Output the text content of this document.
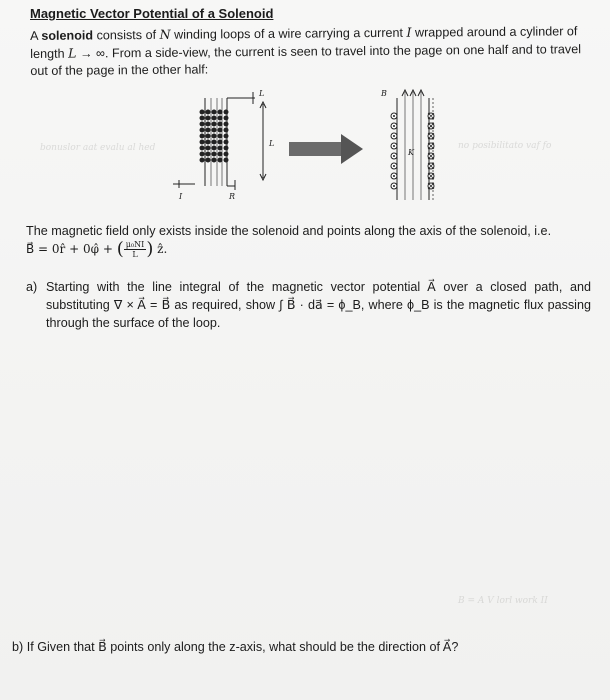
Magnetic Vector Potential of a Solenoid
A solenoid consists of N winding loops of a wire carrying a current I wrapped around a cylinder of length L → ∞. From a side-view, the current is seen to travel into the page on one half and to travel out of the page in the other half:
bonuslor aat evalu al hed	no posibilitato vaf fo
L
L
I	R
B
K
The magnetic field only exists inside the solenoid and points along the axis of the solenoid, i.e.
B⃗ = 0r̂ + 0φ̂ + ( $\frac{\text{μ₀NI}}{L}$ ) ẑ.
a) Starting with the line integral of the magnetic vector potential A⃗ over a closed path, and substituting ∇ × A⃗ = B⃗ as required, show ∫ B⃗ · da⃗ = ϕ_B, where ϕ_B is the magnetic flux passing through the surface of the loop.
B = A V lorl work II
b) If Given that B⃗ points only along the z-axis, what should be the direction of A⃗?
